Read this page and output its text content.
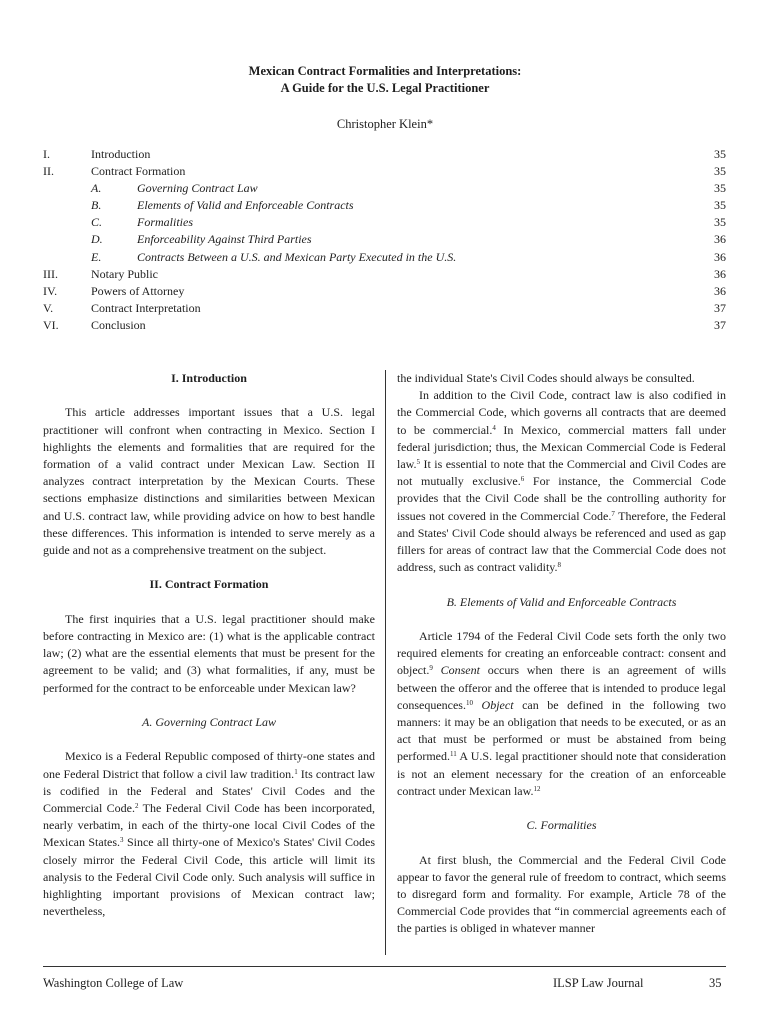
Mexican Contract Formalities and Interpretations:
A Guide for the U.S. Legal Practitioner
Christopher Klein*
I.	Introduction	35
II.	Contract Formation	35
A.	Governing Contract Law	35
B.	Elements of Valid and Enforceable Contracts	35
C.	Formalities	35
D.	Enforceability Against Third Parties	36
E.	Contracts Between a U.S. and Mexican Party Executed in the U.S.	36
III.	Notary Public	36
IV.	Powers of Attorney	36
V.	Contract Interpretation	37
VI.	Conclusion	37
I. Introduction

This article addresses important issues that a U.S. legal practitioner will confront when contracting in Mexico. Section I highlights the elements and formalities that are required for the formation of a valid contract under Mexican Law. Section II analyzes contract interpretation by the Mexican Courts. These sections emphasize distinctions and similarities between Mexican and U.S. contract law, while providing advice on how to best handle these differences. This information is intended to serve merely as a guide and not as a comprehensive treatment on the subject.

II. Contract Formation

The first inquiries that a U.S. legal practitioner should make before contracting in Mexico are: (1) what is the applicable contract law; (2) what are the essential elements that must be present for the agreement to be valid; and (3) what formalities, if any, must be performed for the contract to be enforceable under Mexican law?

A. Governing Contract Law

Mexico is a Federal Republic composed of thirty-one states and one Federal District that follow a civil law tradition.$^1$ Its contract law is codified in the Federal and States' Civil Codes and the Commercial Code.$^2$ The Federal Civil Code has been incorporated, nearly verbatim, in each of the thirty-one local Civil Codes of the Mexican States.$^3$ Since all thirty-one of Mexico's States' Civil Codes closely mirror the Federal Civil Code, this article will limit its analysis to the Federal Civil Code only. Such analysis will suffice in highlighting important provisions of Mexican contract law; nevertheless,

the individual State's Civil Codes should always be consulted.

In addition to the Civil Code, contract law is also codified in the Commercial Code, which governs all contracts that are deemed to be commercial.$^4$ In Mexico, commercial matters fall under federal jurisdiction; thus, the Mexican Commercial Code is Federal law.$^5$ It is essential to note that the Commercial and Civil Codes are not mutually exclusive.$^6$ For instance, the Commercial Code provides that the Civil Code shall be the controlling authority for issues not covered in the Commercial Code.$^7$ Therefore, the Federal and States' Civil Code should always be referenced and used as gap fillers for areas of contract law that the Commercial Code does not address, such as contract validity.$^8$

B. Elements of Valid and Enforceable Contracts

Article 1794 of the Federal Civil Code sets forth the only two required elements for creating an enforceable contract: consent and object.$^9$ Consent occurs when there is an agreement of wills between the offeror and the offeree that is intended to produce legal consequences.$^{10}$ Object can be defined in the following two manners: it may be an obligation that needs to be executed, or as an act that must be performed or must be abstained from being performed.$^{11}$ A U.S. legal practitioner should note that consideration is not an element necessary for the creation of an enforceable contract under Mexican law.$^{12}$

C. Formalities

At first blush, the Commercial and the Federal Civil Code appear to favor the general rule of freedom to contract, which seems to disregard form and formality. For example, Article 78 of the Commercial Code provides that “in commercial agreements each of the parties is obliged in whatever manner

Washington College of Law	ILSP Law Journal	35
